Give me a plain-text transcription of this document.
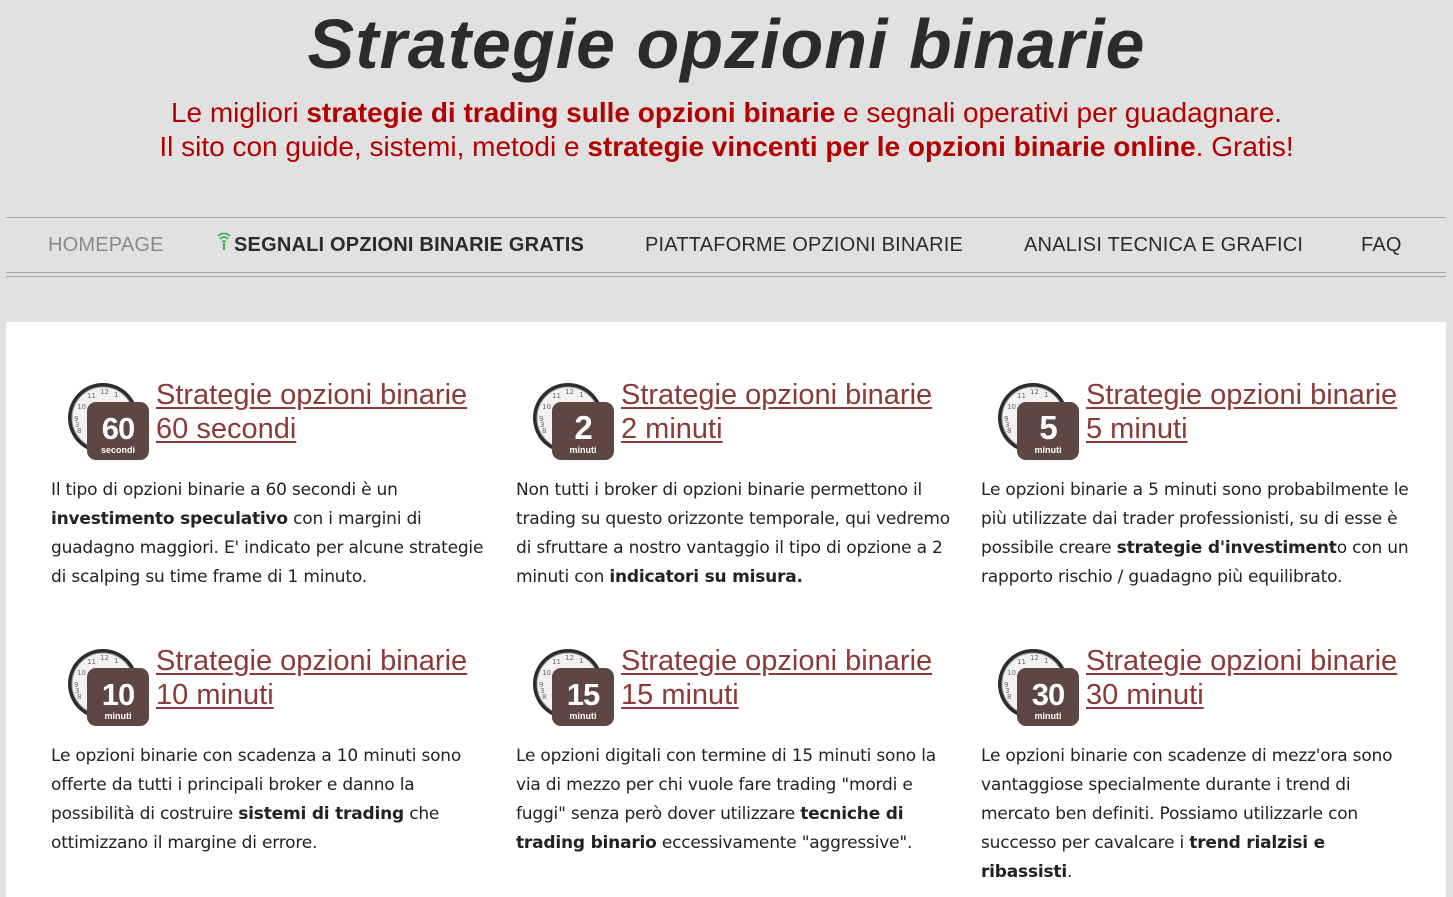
Strategie opzioni binarie
Le migliori strategie di trading sulle opzioni binarie e segnali operativi per guadagnare.
Il sito con guide, sistemi, metodi e strategie vincenti per le opzioni binarie online. Gratis!
HOMEPAGE	SEGNALI OPZIONI BINARIE GRATIS	PIATTAFORME OPZIONI BINARIE	ANALISI TECNICA E GRAFICI	FAQ
12 1
11
10
9
8
3 60
secondi
Strategie opzioni binarie 60 secondi
Il tipo di opzioni binarie a 60 secondi è un investimento speculativo con i margini di guadagno maggiori. E' indicato per alcune strategie di scalping su time frame di 1 minuto.
12 1
11
10
9
8
3 2
minuti
Strategie opzioni binarie 2 minuti
Non tutti i broker di opzioni binarie permettono il trading su questo orizzonte temporale, qui vedremo di sfruttare a nostro vantaggio il tipo di opzione a 2 minuti con indicatori su misura.
12 1
11
10
9
8
3 5
minuti
Strategie opzioni binarie 5 minuti
Le opzioni binarie a 5 minuti sono probabilmente le più utilizzate dai trader professionisti, su di esse è possibile creare strategie d'investimento con un rapporto rischio / guadagno più equilibrato.
12 1
11
10
9
8
3 10
minuti
Strategie opzioni binarie 10 minuti
Le opzioni binarie con scadenza a 10 minuti sono offerte da tutti i principali broker e danno la possibilità di costruire sistemi di trading che ottimizzano il margine di errore.
12 1
11
10
9
8
3 15
minuti
Strategie opzioni binarie 15 minuti
Le opzioni digitali con termine di 15 minuti sono la via di mezzo per chi vuole fare trading "mordi e fuggi" senza però dover utilizzare tecniche di trading binario eccessivamente "aggressive".
12 1
11
10
9
8
3 30
minuti
Strategie opzioni binarie 30 minuti
Le opzioni binarie con scadenze di mezz'ora sono vantaggiose specialmente durante i trend di mercato ben definiti. Possiamo utilizzarle con successo per cavalcare i trend rialzisi e ribassisti.
